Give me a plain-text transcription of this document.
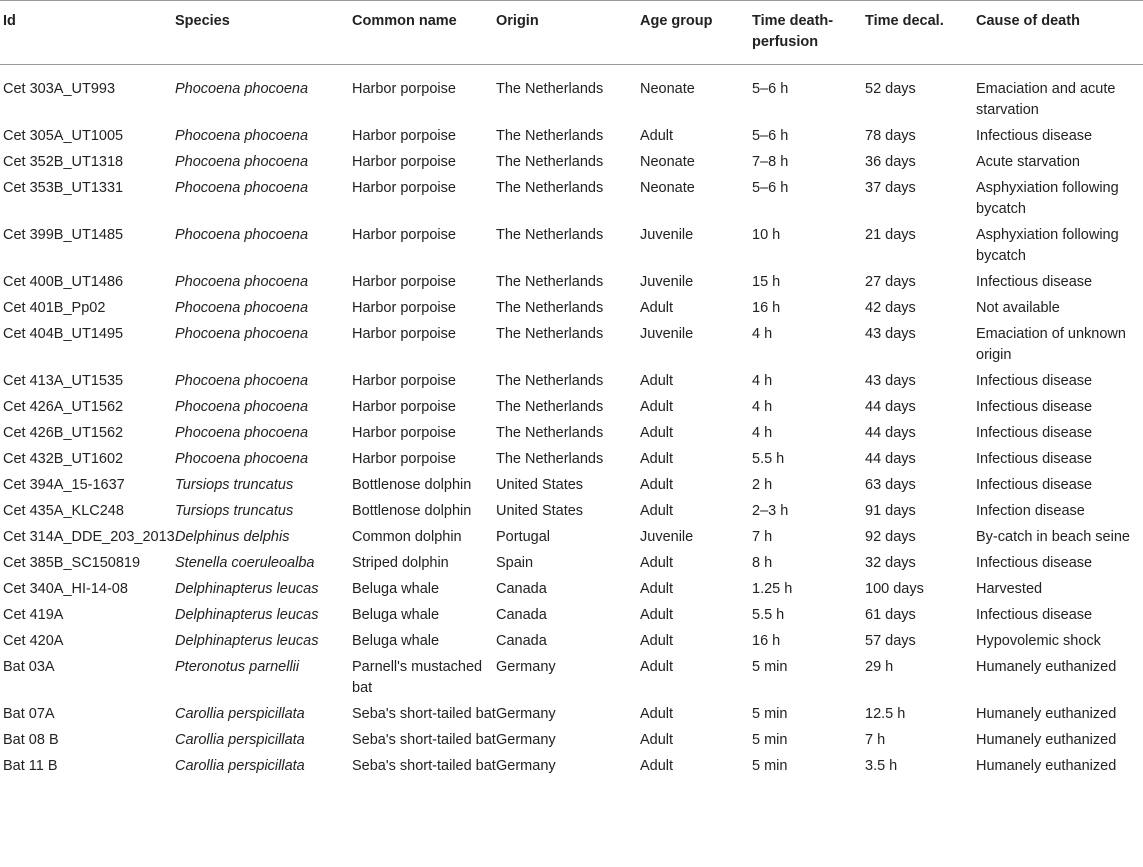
Id	Species	Common name	Origin	Age group	Time death-perfusion	Time decal.	Cause of death
Cet 303A_UT993	Phocoena phocoena	Harbor porpoise	The Netherlands	Neonate	5–6 h	52 days	Emaciation and acute starvation
Cet 305A_UT1005	Phocoena phocoena	Harbor porpoise	The Netherlands	Adult	5–6 h	78 days	Infectious disease
Cet 352B_UT1318	Phocoena phocoena	Harbor porpoise	The Netherlands	Neonate	7–8 h	36 days	Acute starvation
Cet 353B_UT1331	Phocoena phocoena	Harbor porpoise	The Netherlands	Neonate	5–6 h	37 days	Asphyxiation following bycatch
Cet 399B_UT1485	Phocoena phocoena	Harbor porpoise	The Netherlands	Juvenile	10 h	21 days	Asphyxiation following bycatch
Cet 400B_UT1486	Phocoena phocoena	Harbor porpoise	The Netherlands	Juvenile	15 h	27 days	Infectious disease
Cet 401B_Pp02	Phocoena phocoena	Harbor porpoise	The Netherlands	Adult	16 h	42 days	Not available
Cet 404B_UT1495	Phocoena phocoena	Harbor porpoise	The Netherlands	Juvenile	4 h	43 days	Emaciation of unknown origin
Cet 413A_UT1535	Phocoena phocoena	Harbor porpoise	The Netherlands	Adult	4 h	43 days	Infectious disease
Cet 426A_UT1562	Phocoena phocoena	Harbor porpoise	The Netherlands	Adult	4 h	44 days	Infectious disease
Cet 426B_UT1562	Phocoena phocoena	Harbor porpoise	The Netherlands	Adult	4 h	44 days	Infectious disease
Cet 432B_UT1602	Phocoena phocoena	Harbor porpoise	The Netherlands	Adult	5.5 h	44 days	Infectious disease
Cet 394A_15-1637	Tursiops truncatus	Bottlenose dolphin	United States	Adult	2 h	63 days	Infectious disease
Cet 435A_KLC248	Tursiops truncatus	Bottlenose dolphin	United States	Adult	2–3 h	91 days	Infection disease
Cet 314A_DDE_203_2013	Delphinus delphis	Common dolphin	Portugal	Juvenile	7 h	92 days	By-catch in beach seine
Cet 385B_SC150819	Stenella coeruleoalba	Striped dolphin	Spain	Adult	8 h	32 days	Infectious disease
Cet 340A_HI-14-08	Delphinapterus leucas	Beluga whale	Canada	Adult	1.25 h	100 days	Harvested
Cet 419A	Delphinapterus leucas	Beluga whale	Canada	Adult	5.5 h	61 days	Infectious disease
Cet 420A	Delphinapterus leucas	Beluga whale	Canada	Adult	16 h	57 days	Hypovolemic shock
Bat 03A	Pteronotus parnellii	Parnell's mustached bat	Germany	Adult	5 min	29 h	Humanely euthanized
Bat 07A	Carollia perspicillata	Seba's short-tailed bat	Germany	Adult	5 min	12.5 h	Humanely euthanized
Bat 08 B	Carollia perspicillata	Seba's short-tailed bat	Germany	Adult	5 min	7 h	Humanely euthanized
Bat 11 B	Carollia perspicillata	Seba's short-tailed bat	Germany	Adult	5 min	3.5 h	Humanely euthanized
